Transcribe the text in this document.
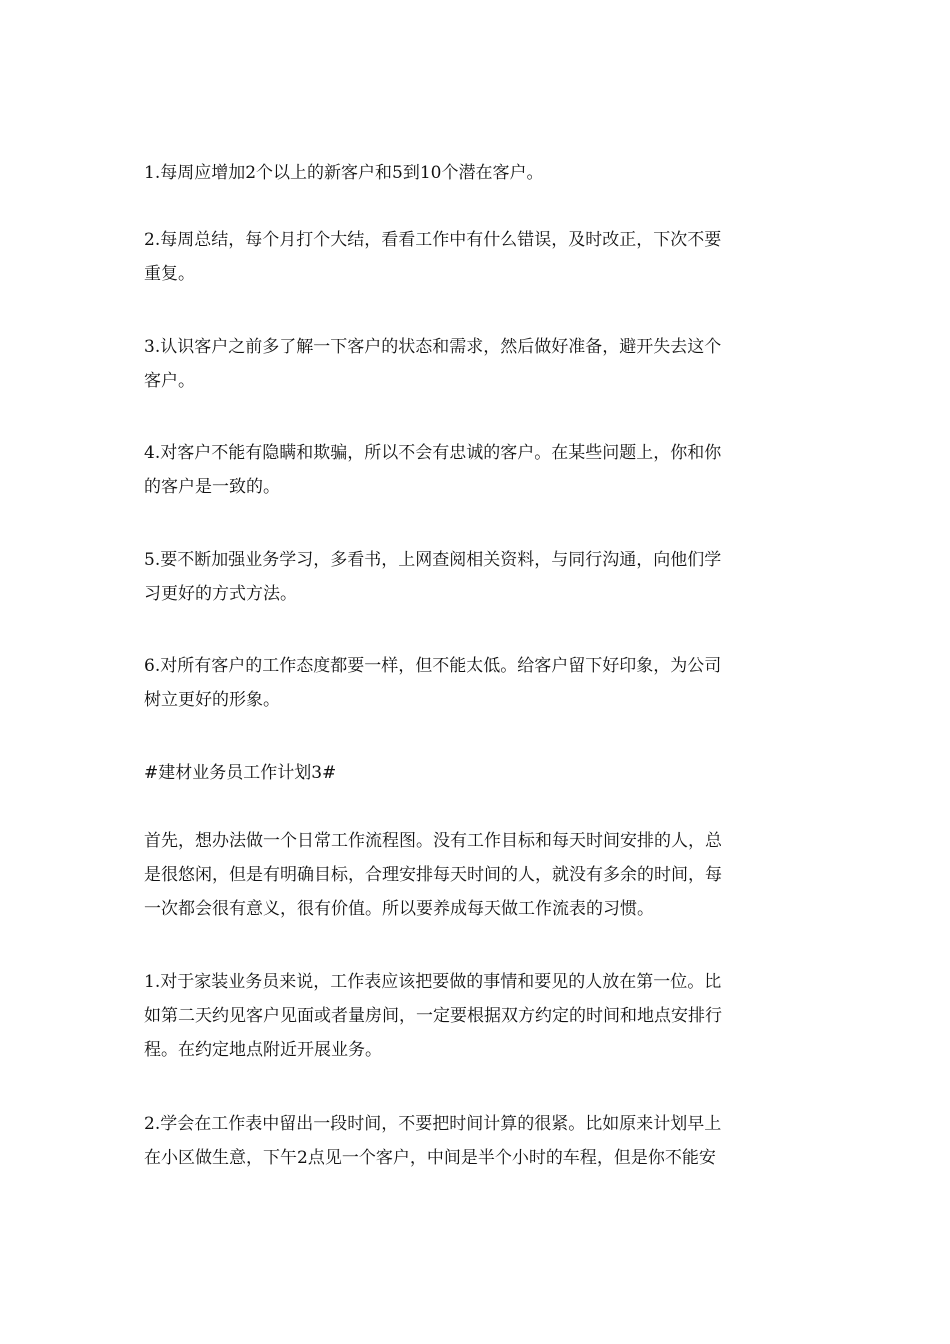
1.每周应增加2个以上的新客户和5到10个潜在客户。

2.每周总结，每个月打个大结，看看工作中有什么错误，及时改正，下次不要
重复。

3.认识客户之前多了解一下客户的状态和需求，然后做好准备，避开失去这个
客户。

4.对客户不能有隐瞒和欺骗，所以不会有忠诚的客户。在某些问题上，你和你
的客户是一致的。

5.要不断加强业务学习，多看书，上网查阅相关资料，与同行沟通，向他们学
习更好的方式方法。

6.对所有客户的工作态度都要一样，但不能太低。给客户留下好印象，为公司
树立更好的形象。

#建材业务员工作计划3#

首先，想办法做一个日常工作流程图。没有工作目标和每天时间安排的人，总
是很悠闲，但是有明确目标，合理安排每天时间的人，就没有多余的时间，每
一次都会很有意义，很有价值。所以要养成每天做工作流表的习惯。

1.对于家装业务员来说，工作表应该把要做的事情和要见的人放在第一位。比
如第二天约见客户见面或者量房间，一定要根据双方约定的时间和地点安排行
程。在约定地点附近开展业务。

2.学会在工作表中留出一段时间，不要把时间计算的很紧。比如原来计划早上
在小区做生意，下午2点见一个客户，中间是半个小时的车程，但是你不能安
